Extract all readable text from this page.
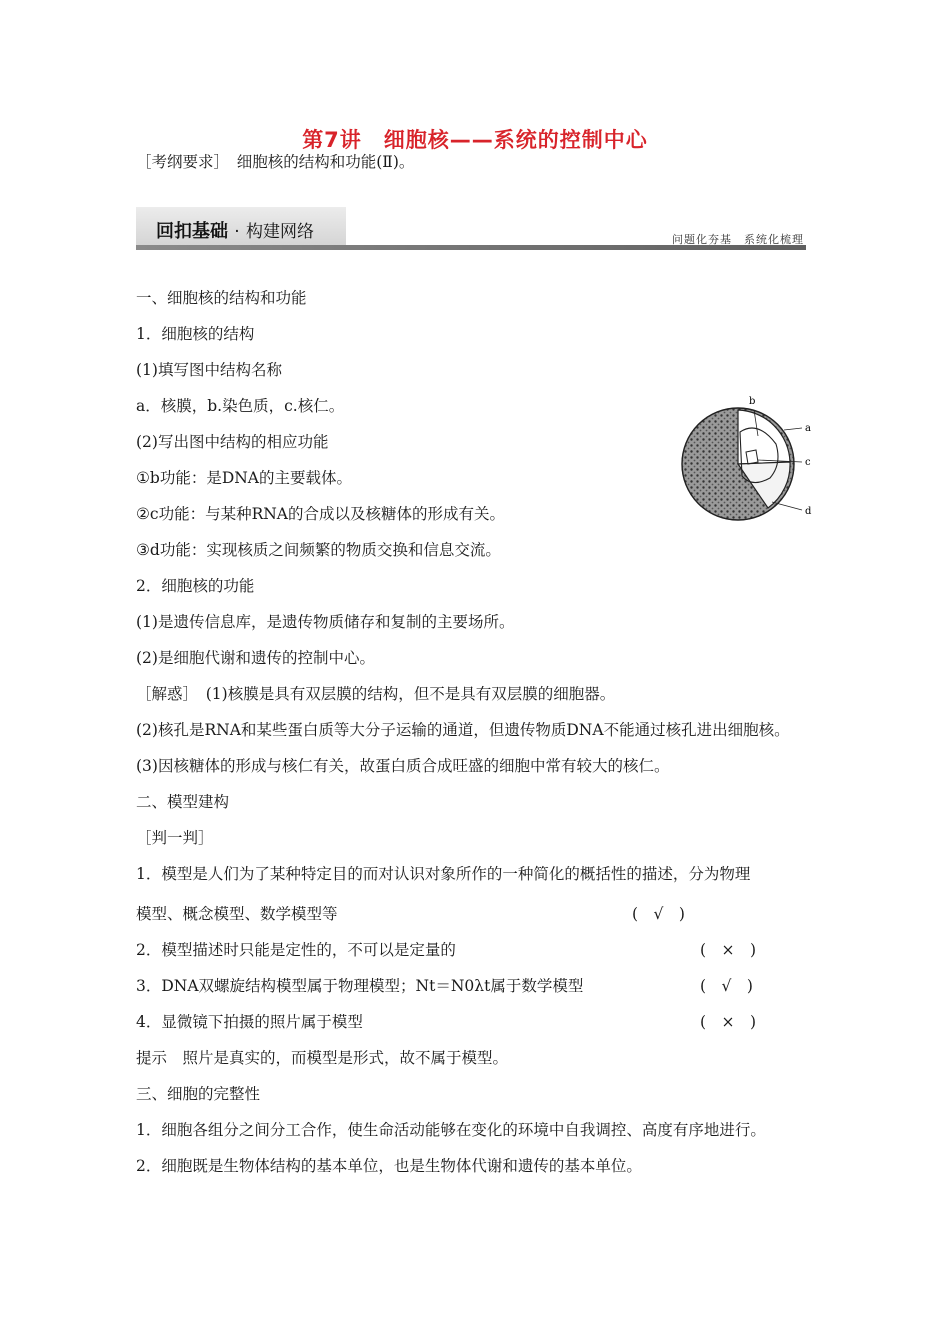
第7讲　细胞核——系统的控制中心
［考纲要求］　细胞核的结构和功能(Ⅱ)。
回扣基础 · 构建网络	问题化夯基　系统化梳理
一、细胞核的结构和功能
1．细胞核的结构
(1)填写图中结构名称
a．核膜，b.染色质，c.核仁。
(2)写出图中结构的相应功能
①b功能：是DNA的主要载体。
②c功能：与某种RNA的合成以及核糖体的形成有关。
③d功能：实现核质之间频繁的物质交换和信息交流。
2．细胞核的功能
(1)是遗传信息库，是遗传物质储存和复制的主要场所。
(2)是细胞代谢和遗传的控制中心。
［解惑］　(1)核膜是具有双层膜的结构，但不是具有双层膜的细胞器。
(2)核孔是RNA和某些蛋白质等大分子运输的通道，但遗传物质DNA不能通过核孔进出细胞核。
(3)因核糖体的形成与核仁有关，故蛋白质合成旺盛的细胞中常有较大的核仁。
二、模型建构
［判一判］
1．模型是人们为了某种特定目的而对认识对象所作的一种简化的概括性的描述，分为物理
模型、概念模型、数学模型等	(　√　)
2．模型描述时只能是定性的，不可以是定量的	(　×　)
3．DNA双螺旋结构模型属于物理模型；Nt＝N0λt属于数学模型	(　√　)
4．显微镜下拍摄的照片属于模型	(　×　)
提示　照片是真实的，而模型是形式，故不属于模型。
三、细胞的完整性
1．细胞各组分之间分工合作，使生命活动能够在变化的环境中自我调控、高度有序地进行。
2．细胞既是生物体结构的基本单位，也是生物体代谢和遗传的基本单位。
b
a
c
d
